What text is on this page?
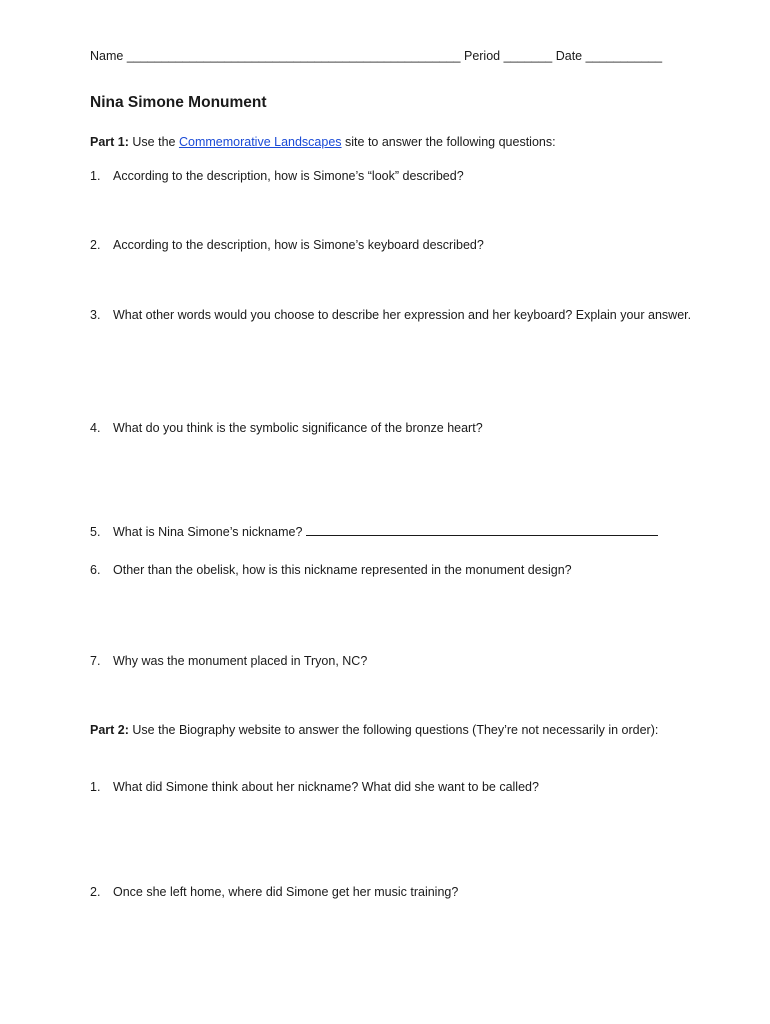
Name ________________________________________________ Period _______ Date ___________
Nina Simone Monument
Part 1: Use the Commemorative Landscapes site to answer the following questions:
1. According to the description, how is Simone’s “look” described?
2. According to the description, how is Simone’s keyboard described?
3. What other words would you choose to describe her expression and her keyboard? Explain your answer.
4. What do you think is the symbolic significance of the bronze heart?
5. What is Nina Simone’s nickname?
6. Other than the obelisk, how is this nickname represented in the monument design?
7. Why was the monument placed in Tryon, NC?
Part 2: Use the Biography website to answer the following questions (They’re not necessarily in order):
1. What did Simone think about her nickname? What did she want to be called?
2. Once she left home, where did Simone get her music training?
